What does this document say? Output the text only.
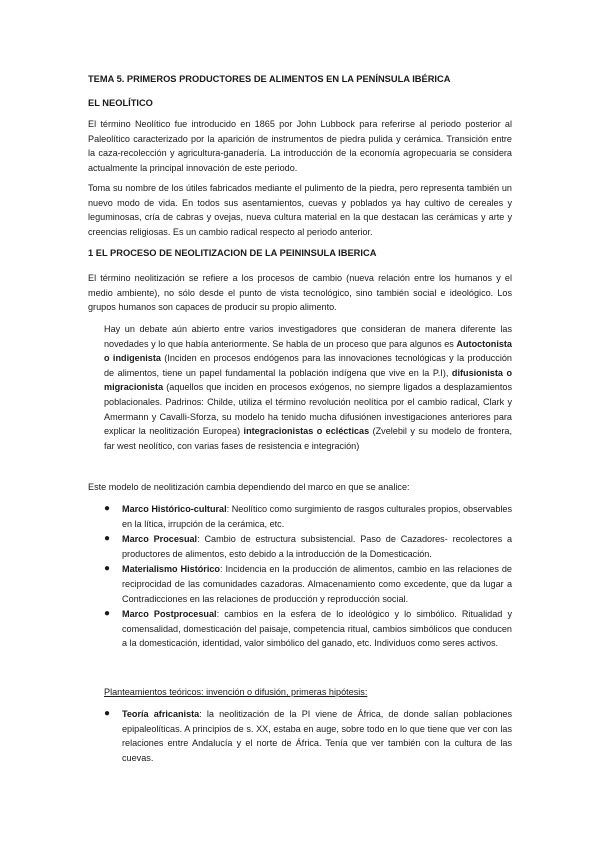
TEMA 5. PRIMEROS PRODUCTORES DE ALIMENTOS EN LA PENÍNSULA IBÉRICA
EL NEOLÍTICO
El término Neolítico fue introducido en 1865 por John Lubbock para referirse al periodo posterior al Paleolítico caracterizado por la aparición de instrumentos de piedra pulida y cerámica. Transición entre la caza-recolección y agricultura-ganadería. La introducción de la economía agropecuaria se considera actualmente la principal innovación de este periodo.
Toma su nombre de los útiles fabricados mediante el pulimento de la piedra, pero representa también un nuevo modo de vida. En todos sus asentamientos, cuevas y poblados ya hay cultivo de cereales y leguminosas, cría de cabras y ovejas, nueva cultura material en la que destacan las cerámicas y arte y creencias religiosas. Es un cambio radical respecto al periodo anterior.
1 EL PROCESO DE NEOLITIZACION DE LA PEININSULA IBERICA
El término neolitización se refiere a los procesos de cambio (nueva relación entre los humanos y el medio ambiente), no sólo desde el punto de vista tecnológico, sino también social e ideológico. Los grupos humanos son capaces de producir su propio alimento.
Hay un debate aún abierto entre varios investigadores que consideran de manera diferente las novedades y lo que había anteriormente. Se habla de un proceso que para algunos es Autoctonista o indigenista (Inciden en procesos endógenos para las innovaciones tecnológicas y la producción de alimentos, tiene un papel fundamental la población indígena que vive en la P.I), difusionista o migracionista (aquellos que inciden en procesos exógenos, no siempre ligados a desplazamientos poblacionales. Padrinos: Childe, utiliza el término revolución neolítica por el cambio radical, Clark y Amermann y Cavalli-Sforza, su modelo ha tenido mucha difusiónen investigaciones anteriores para explicar la neolitización Europea) integracionistas o eclécticas (Zvelebil y su modelo de frontera, far west neolítico, con varias fases de resistencia e integración)
Este modelo de neolitización cambia dependiendo del marco en que se analice:
● Marco Histórico-cultural: Neolítico como surgimiento de rasgos culturales propios, observables en la lítica, irrupción de la cerámica, etc.
● Marco Procesual: Cambio de estructura subsistencial. Paso de Cazadores- recolectores a productores de alimentos, esto debido a la introducción de la Domesticación.
● Materialismo Histórico: Incidencia en la producción de alimentos, cambio en las relaciones de reciprocidad de las comunidades cazadoras. Almacenamiento como excedente, que da lugar a Contradicciones en las relaciones de producción y reproducción social.
● Marco Postprocesual: cambios en la esfera de lo ideológico y lo simbólico. Ritualidad y comensalidad, domesticación del paisaje, competencia ritual, cambios simbólicos que conducen a la domesticación, identidad, valor simbólico del ganado, etc. Individuos como seres activos.
Planteamientos teóricos: invención o difusión, primeras hipótesis:
● Teoría africanista: la neolitización de la PI viene de África, de donde salían poblaciones epipaleolíticas. A principios de s. XX, estaba en auge, sobre todo en lo que tiene que ver con las relaciones entre Andalucía y el norte de África. Tenía que ver también con la cultura de las cuevas.
